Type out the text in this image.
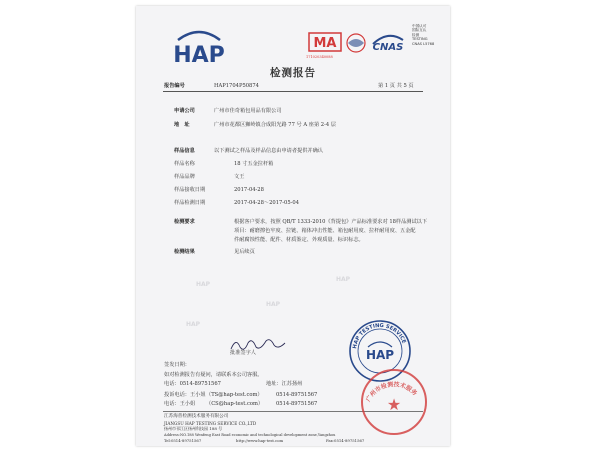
HAP	MA
171020340088
CNAS
中国认可
国际互认
检测
TESTING
CNAS L5768
检测报告
报告编号	HAP1704P50874	第 1 页 共 5 页
申请公司	广州市佳奇箱包用品有限公司
地　址	广州市花都区狮岭镇合成阳光路 77 号 A 座第 2-4 层
样品信息	以下测试之样品及样品信息由申请者提供并确认
样品名称	18 寸五金拉杆箱
样品品牌	文王
样品接收日期	2017-04-28
样品检测日期	2017-04-28～2017-05-04
检测要求	根据客户要求，按照 QB/T 1333-2010《背提包》产品标准要求对 18样品测试以下
项目：耐磨擦色牢度、拉链、箱体冲击性能、箱包耐用度、拉杆耐用度、五金配
件耐腐蚀性能、配件、材质鉴定、外观质量、标识标志。
检测结果	见后续页
HAP
HAP
HAP
HAP
批准签字人
HAP TESTING SERVICE
HAP
签发日期：
如对检测报告有疑问，请联系本公司客服。
电话：0514-89751567	地址：江苏扬州
投诉电话：王小姐 （TS@hap-test.com）	0514-89751567
电话：王小姐 （CS@hap-test.com） 0514-89751567
江苏海普检测技术服务有限公司
JIANGSU HAP TESTING SERVICE CO.,LTD
扬州市邗江区扬州科技园 188 号
Address:NO.188 Wenfeng East Road economic and technological development zone,Yangzhou
Tel:0514-89751567	Fax:0514-89751567
http://www.hap-test.com
广州市检测技术服务
★
